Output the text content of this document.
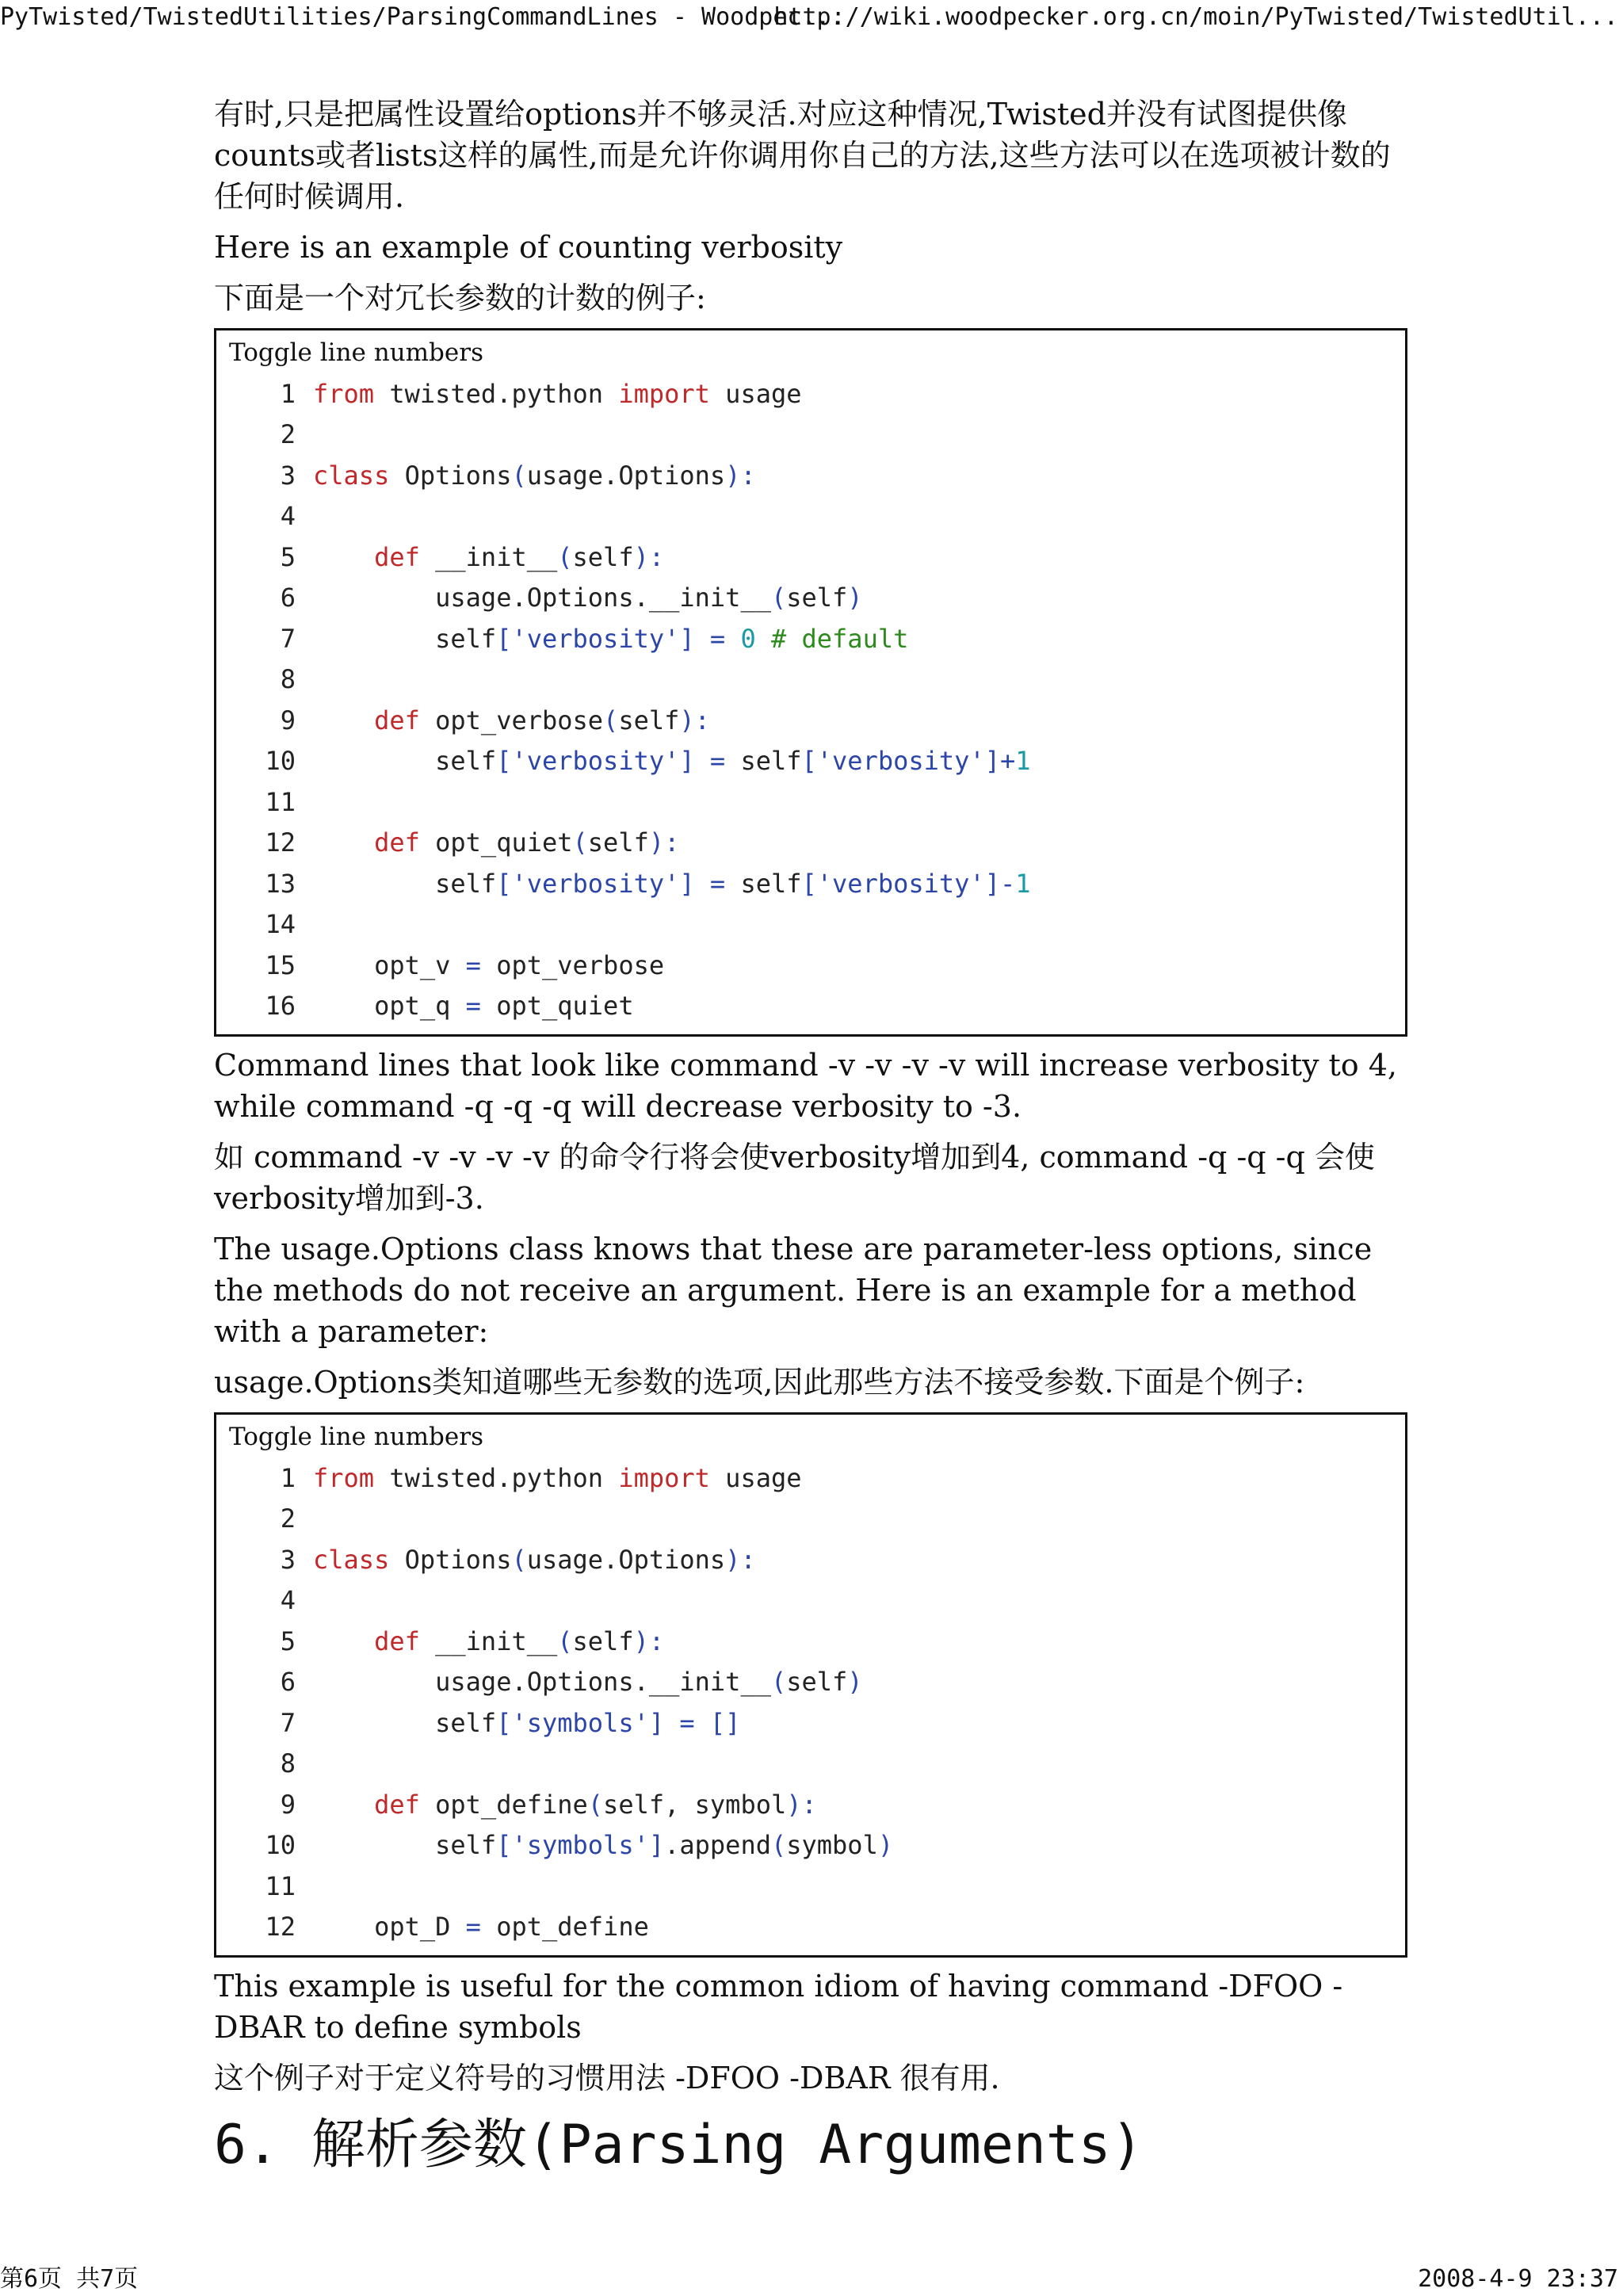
PyTwisted/TwistedUtilities/ParsingCommandLines - Woodpec...
http://wiki.woodpecker.org.cn/moin/PyTwisted/TwistedUtil...

有时,只是把属性设置给options并不够灵活.对应这种情况,Twisted并没有试图提供像counts或者lists这样的属性,而是允许你调用你自己的方法,这些方法可以在选项被计数的任何时候调用.

Here is an example of counting verbosity

下面是一个对冗长参数的计数的例子:

Toggle line numbers
1 from twisted.python import usage
2
3 class Options(usage.Options):
4
5	def __init__(self):
6 usage.Options.__init__(self)
7 self['verbosity'] = 0 # default
8
9	def opt_verbose(self):
10 self['verbosity'] = self['verbosity']+1
11
12	def opt_quiet(self):
13 self['verbosity'] = self['verbosity']-1
14
15 opt_v = opt_verbose
16 opt_q = opt_quiet

Command lines that look like command -v -v -v -v will increase verbosity to 4, while command -q -q -q will decrease verbosity to -3.

如 command -v -v -v -v 的命令行将会使verbosity增加到4, command -q -q -q 会使verbosity增加到-3.

The usage.Options class knows that these are parameter-less options, since the methods do not receive an argument. Here is an example for a method with a parameter:

usage.Options类知道哪些无参数的选项,因此那些方法不接受参数.下面是个例子:

Toggle line numbers
1 from twisted.python import usage
2
3 class Options(usage.Options):
4
5	def __init__(self):
6 usage.Options.__init__(self)
7 self['symbols'] = []
8
9	def opt_define(self, symbol):
10 self['symbols'].append(symbol)
11
12 opt_D = opt_define

This example is useful for the common idiom of having command -DFOO -DBAR to define symbols

这个例子对于定义符号的习惯用法 -DFOO -DBAR 很有用.

6. 解析参数(Parsing Arguments)
第6页 共7页	2008-4-9 23:37
